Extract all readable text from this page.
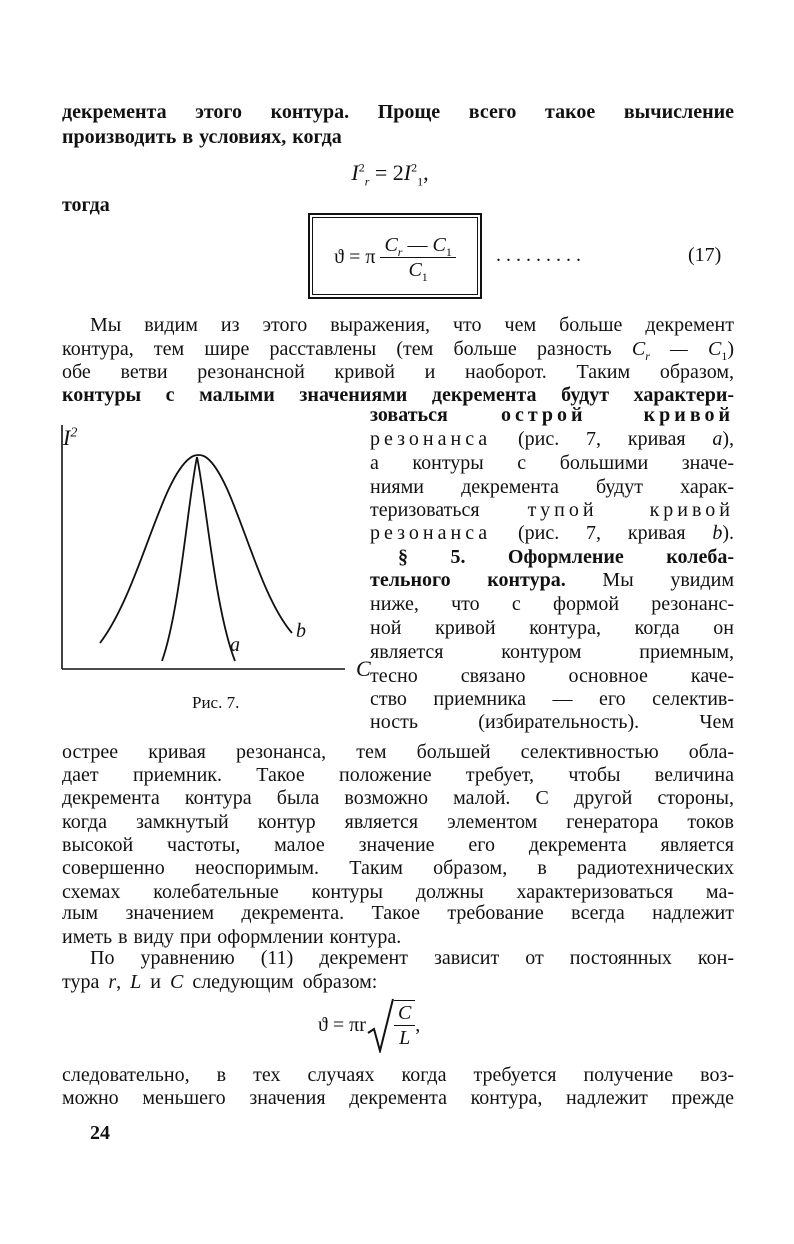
декремента этого контура. Проще всего такое вычисление
производить в условиях, когда
$I^2_r = 2I^2_1$,
тогда
ϑ = π
$\frac{C_r — C_1}{C_1}$ . . . . . . . . .	(17)
Мы видим из этого выражения, что чем больше декремент
контура, тем шире расставлены (тем больше разность $C_r$ — $C_1$)
обе ветви резонансной кривой и наоборот. Таким образом,
контуры с малыми значениями декремента будут характери-
зоваться	острой кривой
резонанса (рис. 7, кривая a),
а контуры с большими значе-
ниями декремента будут харак-
теризоваться тупой кривой
резонанса (рис. 7, кривая b).
§ 5. Оформление колеба-
тельного контура. Мы увидим
ниже, что с формой резонанс-
ной кривой контура, когда он
является контуром приемным,
тесно связано основное каче-
ство приемника — его селектив-
ность (избирательность). Чем
$I^2$
C
a
b
Рис. 7.
острее кривая резонанса, тем большей селективностью обла-
дает приемник. Такое положение требует, чтобы величина
декремента контура была возможно малой. С другой стороны,
когда замкнутый контур является элементом генератора токов
высокой частоты, малое значение его декремента является
совершенно неоспоримым. Таким образом, в радиотехнических
схемах колебательные контуры должны характеризоваться ма-
лым значением декремента. Такое требование всегда надлежит
иметь в виду при оформлении контура.
По уравнению (11) декремент зависит от постоянных кон-
тура r, L и C следующим образом:
ϑ = πr $\frac{C}{L}$ ,
следовательно, в тех случаях когда требуется получение воз-
можно меньшего значения декремента контура, надлежит прежде
24
